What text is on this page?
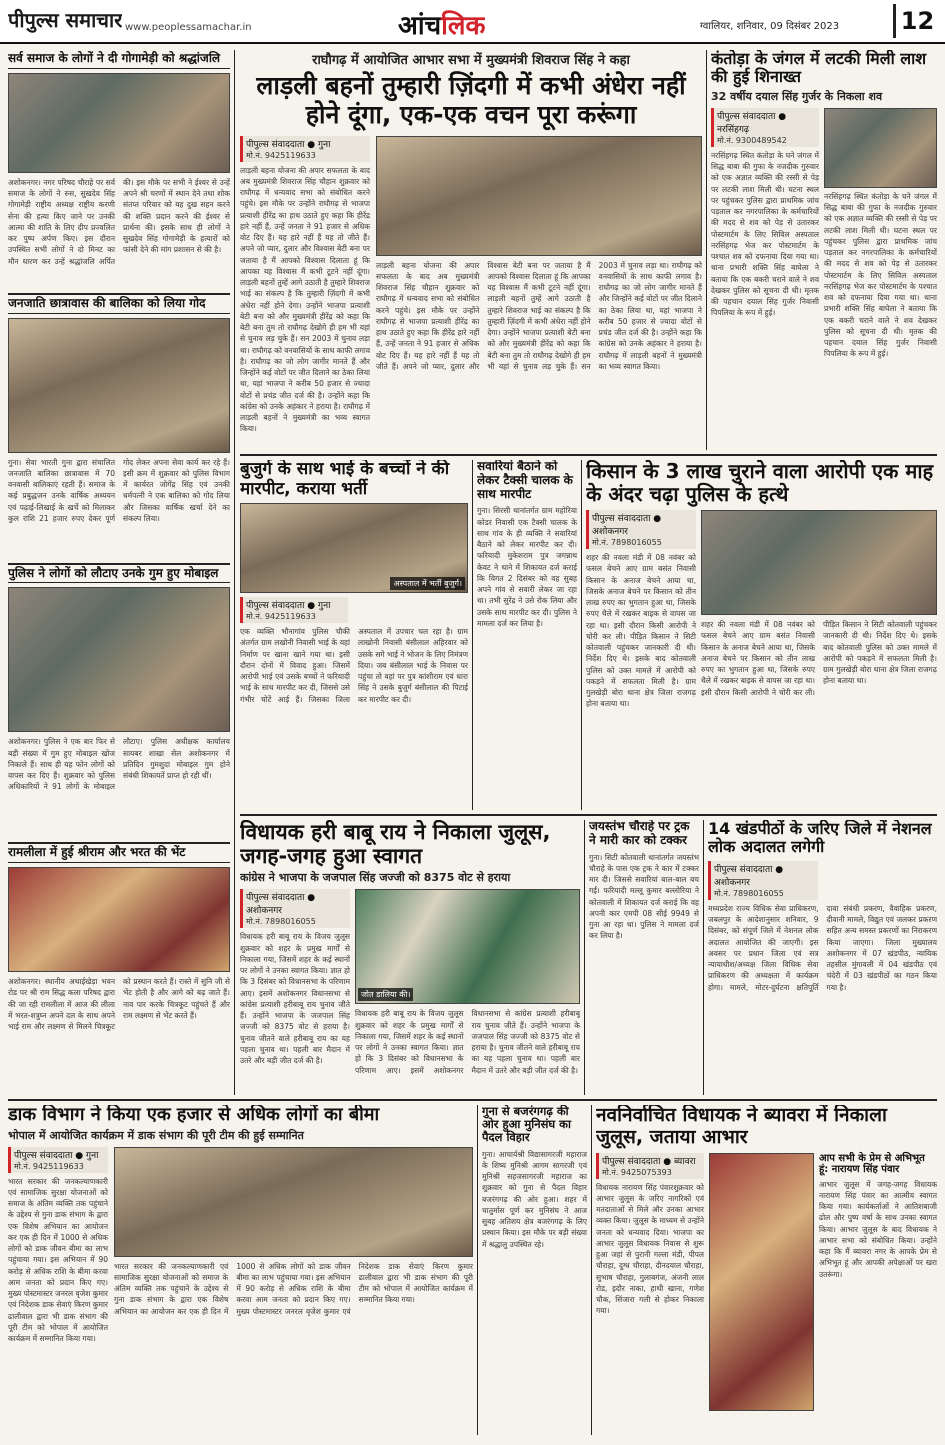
पीपुल्स समाचार www.peoplessamachar.in	आंचलिक	ग्वालियर, शनिवार, 09 दिसंबर 2023	12
सर्व समाज के लोगों ने दी गोगामेड़ी को श्रद्धांजलि
अशोकनगर। नगर परिषद चौराहे पर सर्व समाज के लोगों ने रुस, सुखदेव सिंह गोगामेड़ी राष्ट्रीय अध्यक्ष राष्ट्रीय करणी सेना की हत्या किए जाने पर उनकी आत्मा की शांति के लिए दीप प्रज्वलित कर पुष्प अर्पण किए। इस दौरान उपस्थित सभी लोगों ने दो मिनट का मौन धारण कर उन्हें श्रद्धांजलि अर्पित की। इस मौके पर सभी ने ईश्वर से उन्हें अपने श्री चरणों में स्थान देने तथा शोक संतप्त परिवार को यह दुख सहन करने की शक्ति प्रदान करने की ईश्वर से प्रार्थना की। इसके साथ ही लोगों ने सुखदेव सिंह गोगामेड़ी के हत्यारों को फांसी देने की मांग प्रशासन से की है।
जनजाति छात्रावास की बालिका को लिया गोद
गुना। सेवा भारती गुना द्वारा संचालित जनजाति बालिका छात्रावास में 70 वनवासी बालिकाएं रहती हैं। समाज के कई प्रबुद्धजन उनके वार्षिक अध्ययन एवं पढ़ाई-लिखाई के खर्चे को मिलाकर कुल राशि 21 हजार रुपए देकर पूर्ण गोद लेकर अपना सेवा कार्य कर रहे हैं। इसी क्रम में शुक्रवार को पुलिस विभाग में कार्यरत जोगेंद्र सिंह एवं उनकी धर्मपत्नी ने एक बालिका को गोद लिया और जिसका वार्षिक खर्चा देने का संकल्प लिया।
पुलिस ने लोगों को लौटाए उनके गुम हुए मोबाइल
अशोकनगर। पुलिस ने एक बार फिर से बड़ी संख्या में गुम हुए मोबाइल खोज निकाले हैं। साथ ही यह फोन लोगों को वापस कर दिए हैं। शुक्रवार को पुलिस अधिकारियों ने 91 लोगों के मोबाइल लौटाए। पुलिस अधीक्षक कार्यालय सायबर शाखा सेल अशोकनगर में प्रतिदिन गुमशुदा मोबाइल गुम होने संबंधी शिकायतें प्राप्त हो रही थीं।
रामलीला में हुई श्रीराम और भरत की भेंट
अशोकनगर। स्थानीय अथाईखेड़ा भवन रोड पर श्री राम सिद्ध कला परिषद द्वारा की जा रही रामलीला में आज की लीला में भरत-शत्रुघ्न अपने दल के साथ अपने भाई राम और लक्ष्मण से मिलने चित्रकूट को प्रस्थान करते हैं। रास्ते में सुनि जी से भेंट होती है और आगे को बढ़ जाते हैं। नाव पार करके चित्रकूट पहुंचते हैं और राम लक्ष्मण से भेंट करते हैं।
राघौगढ़ में आयोजित आभार सभा में मुख्यमंत्री शिवराज सिंह ने कहा
लाड़ली बहनों तुम्हारी ज़िंदगी में कभी अंधेरा नहीं होने दूंगा, एक-एक वचन पूरा करूंगा
पीपुल्स संवाददाता ● गुना
मो.नं. 9425119633
लाड़ली बहना योजना की अपार सफलता के बाद अब मुख्यमंत्री शिवराज सिंह चौहान शुक्रवार को राघौगढ़ में धन्यवाद सभा को संबोधित करने पहुंचे। इस मौके पर उन्होंने राघौगढ़ से भाजपा प्रत्याशी हीरेंद्र का हाथ उठाते हुए कहा कि हीरेंद्र हारे नहीं हैं, उन्हें जनता ने 91 हजार से अधिक वोट दिए हैं। यह हारे नहीं हैं यह तो जीते हैं। अपने जो प्यार, दुलार और विश्वास बेटी बना पर जताया है मैं आपको विश्वास दिलाता हूं कि आपका यह विश्वास मैं कभी टूटने नहीं दूंगा। लाड़ली बहनों तुम्हें आगे उठाती है तुम्हारे शिवराज भाई का संकल्प है कि तुम्हारी ज़िंदगी में कभी अंधेरा नहीं होने देगा। उन्होंने भाजपा प्रत्याशी बेटी बना को और मुख्यमंत्री हीरेंद्र को कहा कि बेटी बना तुम तो राघौगढ़ देखोगे ही हम भी यहां से चुनाव लड़ चुके हैं। सन 2003 में चुनाव लड़ा था। राघौगढ़ को वनवासियों के साथ काफी लगाव है। राघौगढ़ का जो लोग जागीर मानते हैं और जिन्होंने कई वोटों पर जीत दिलाने का ठेका लिया था, यहां भाजपा ने करीब 50 हजार से ज्यादा वोटों से प्रचंड जीत दर्ज की है। उन्होंने कहा कि कांग्रेस को उनके अहंकार ने हराया है। राघौगढ़ में लाड़ली बहनों ने मुख्यमंत्री का भव्य स्वागत किया।
लाड़ली बहना योजना की अपार सफलता के बाद अब मुख्यमंत्री शिवराज सिंह चौहान शुक्रवार को राघौगढ़ में धन्यवाद सभा को संबोधित करने पहुंचे। इस मौके पर उन्होंने राघौगढ़ से भाजपा प्रत्याशी हीरेंद्र का हाथ उठाते हुए कहा कि हीरेंद्र हारे नहीं हैं, उन्हें जनता ने 91 हजार से अधिक वोट दिए हैं। यह हारे नहीं हैं यह तो जीते हैं। अपने जो प्यार, दुलार और विश्वास बेटी बना पर जताया है मैं आपको विश्वास दिलाता हूं कि आपका यह विश्वास मैं कभी टूटने नहीं दूंगा। लाड़ली बहनों तुम्हें आगे उठाती है तुम्हारे शिवराज भाई का संकल्प है कि तुम्हारी ज़िंदगी में कभी अंधेरा नहीं होने देगा। उन्होंने भाजपा प्रत्याशी बेटी बना को और मुख्यमंत्री हीरेंद्र को कहा कि बेटी बना तुम तो राघौगढ़ देखोगे ही हम भी यहां से चुनाव लड़ चुके हैं। सन 2003 में चुनाव लड़ा था। राघौगढ़ को वनवासियों के साथ काफी लगाव है। राघौगढ़ का जो लोग जागीर मानते हैं और जिन्होंने कई वोटों पर जीत दिलाने का ठेका लिया था, यहां भाजपा ने करीब 50 हजार से ज्यादा वोटों से प्रचंड जीत दर्ज की है। उन्होंने कहा कि कांग्रेस को उनके अहंकार ने हराया है। राघौगढ़ में लाड़ली बहनों ने मुख्यमंत्री का भव्य स्वागत किया।
कंतोड़ा के जंगल में लटकी मिली लाश की हुई शिनाख्त
32 वर्षीय दयाल सिंह गुर्जर के निकला शव
पीपुल्स संवाददाता ● नरसिंहगढ़
मो.नं. 9300489542
नरसिंहगढ़ स्थित कंतोड़ा के घने जंगल में सिद्ध बाबा की गुफा के नजदीक गुरुवार को एक अज्ञात व्यक्ति की रस्सी से पेड़ पर लटकी लाश मिली थी। घटना स्थल पर पहुंचकर पुलिस द्वारा प्राथमिक जांच पड़ताल कर नगरपालिका के कर्मचारियों की मदद से शव को पेड़ से उतारकर पोस्टमार्टम के लिए सिविल अस्पताल नरसिंहगढ़ भेज कर पोस्टमार्टम के पश्चात शव को दफनाया दिया गया था। थाना प्रभारी शक्ति सिंह बाघेला ने बताया कि एक बकरी चराने वाले ने शव देखकर पुलिस को सूचना दी थी। मृतक की पहचान दयाल सिंह गुर्जर निवासी पिपलिया के रूप में हुई।
नरसिंहगढ़ स्थित कंतोड़ा के घने जंगल में सिद्ध बाबा की गुफा के नजदीक गुरुवार को एक अज्ञात व्यक्ति की रस्सी से पेड़ पर लटकी लाश मिली थी। घटना स्थल पर पहुंचकर पुलिस द्वारा प्राथमिक जांच पड़ताल कर नगरपालिका के कर्मचारियों की मदद से शव को पेड़ से उतारकर पोस्टमार्टम के लिए सिविल अस्पताल नरसिंहगढ़ भेज कर पोस्टमार्टम के पश्चात शव को दफनाया दिया गया था। थाना प्रभारी शक्ति सिंह बाघेला ने बताया कि एक बकरी चराने वाले ने शव देखकर पुलिस को सूचना दी थी। मृतक की पहचान दयाल सिंह गुर्जर निवासी पिपलिया के रूप में हुई।
बुजुर्ग के साथ भाई के बच्चों ने की मारपीट, कराया भर्ती
अस्पताल में भर्ती बुजुर्ग।
पीपुल्स संवाददाता ● गुना
मो.नं. 9425119633
एक व्यक्ति भौनागांव पुलिस चौकी अंतर्गत ग्राम लखोनी निवासी भाई के यहां निर्माण पर खाना खाने गया था। इसी दौरान दोनों में विवाद हुआ। जिसमें आरोपी भाई एवं उसके बच्चों ने फरियादी भाई के साथ मारपीट कर दी, जिससे उसे गंभीर चोटें आई हैं। जिसका जिला अस्पताल में उपचार चल रहा है। ग्राम लाखोनी निवासी बंसीलाल अहिरवार को उसके सगे भाई ने भोजन के लिए निमंत्रण दिया। जब बंसीलाल भाई के निवास पर पहुंचा तो वहां पर पुत्र कांशीराम एवं धारा सिंह ने उसके बुजुर्ग बंसीलाल की पिटाई कर मारपीट कर दी।
सवारियां बैठाने को लेकर टैक्सी चालक के साथ मारपीट
गुना। सिरसी थानांतर्गत ग्राम महोरिया कोडर निवासी एक टैक्सी चालक के साथ गांव के ही व्यक्ति ने सवारियां बैठाने को लेकर मारपीट कर दी। फरियादी मुकेशराम पुत्र जगन्नाथ केवट ने थाने में शिकायत दर्ज कराई कि विगत 2 दिसंबर को वह सुबह अपने गांव से सवारी लेकर जा रहा था। तभी सुरेंद्र ने उसे रोक लिया और उसके साथ मारपीट कर दी। पुलिस ने मामला दर्ज कर लिया है।
किसान के 3 लाख चुराने वाला आरोपी एक माह के अंदर चढ़ा पुलिस के हत्थे
पीपुल्स संवाददाता ● अशोकनगर
मो.नं. 7898016055
शहर की नवला मंडी में 08 नवंबर को फसल बेचने आए ग्राम बसंत निवासी किसान के अनाज बेचने आया था, जिसके अनाज बेचने पर किसान को तीन लाख रुपए का भुगतान हुआ था, जिसके रुपए थैले में रखकर बाइक से वापस जा रहा था। इसी दौरान किसी आरोपी ने चोरी कर ली। पीड़ित किसान ने सिटी कोतवाली पहुंचकर जानकारी दी थी। निर्देश दिए थे। इसके बाद कोतवाली पुलिस को उक्त मामले में आरोपी को पकड़ने में सफलता मिली है। ग्राम गुलखेड़ी बोरा थाना क्षेत्र जिला राजगढ़ होना बताया था।
शहर की नवला मंडी में 08 नवंबर को फसल बेचने आए ग्राम बसंत निवासी किसान के अनाज बेचने आया था, जिसके अनाज बेचने पर किसान को तीन लाख रुपए का भुगतान हुआ था, जिसके रुपए थैले में रखकर बाइक से वापस जा रहा था। इसी दौरान किसी आरोपी ने चोरी कर ली। पीड़ित किसान ने सिटी कोतवाली पहुंचकर जानकारी दी थी। निर्देश दिए थे। इसके बाद कोतवाली पुलिस को उक्त मामले में आरोपी को पकड़ने में सफलता मिली है। ग्राम गुलखेड़ी बोरा थाना क्षेत्र जिला राजगढ़ होना बताया था।
विधायक हरी बाबू राय ने निकाला जुलूस, जगह-जगह हुआ स्वागत
कांग्रेस ने भाजपा के जजपाल सिंह जज्जी को 8375 वोट से हराया
पीपुल्स संवाददाता ● अशोकनगर
मो.नं. 7898016055
विधायक हरी बाबू राय के विजय जुलूस शुक्रवार को शहर के प्रमुख मार्गों से निकाला गया, जिसमें शहर के कई स्थानों पर लोगों ने उनका स्वागत किया। ज्ञात हो कि 3 दिसंबर को विधानसभा के परिणाम आए। इसमें अशोकनगर विधानसभा से कांग्रेस प्रत्याशी हरीबाबू राय चुनाव जीते हैं। उन्होंने भाजपा के जजपाल सिंह जज्जी को 8375 वोट से हराया है। चुनाव जीतने वाले हरीबाबू राय का यह पहला चुनाव था। पहली बार मैदान में उतरे और बड़ी जीत दर्ज की है।
जोत डालिया की।
विधायक हरी बाबू राय के विजय जुलूस शुक्रवार को शहर के प्रमुख मार्गों से निकाला गया, जिसमें शहर के कई स्थानों पर लोगों ने उनका स्वागत किया। ज्ञात हो कि 3 दिसंबर को विधानसभा के परिणाम आए। इसमें अशोकनगर विधानसभा से कांग्रेस प्रत्याशी हरीबाबू राय चुनाव जीते हैं। उन्होंने भाजपा के जजपाल सिंह जज्जी को 8375 वोट से हराया है। चुनाव जीतने वाले हरीबाबू राय का यह पहला चुनाव था। पहली बार मैदान में उतरे और बड़ी जीत दर्ज की है।
जयस्तंभ चौराहे पर ट्रक ने मारी कार को टक्कर
गुना। सिटी कोतवाली थानांतर्गत जयस्तंभ चौराहे के पास एक ट्रक ने कार में टक्कर मार दी। जिससे सवारियां बाल-बाल बच गईं। फरियादी मल्लू कुमार बल्लोरिया ने कोतवाली में शिकायत दर्ज कराई कि वह अपनी कार एमपी 08 सीई 9949 से गुना आ रहा था। पुलिस ने मामला दर्ज कर लिया है।
14 खंडपीठों के जरिए जिले में नेशनल लोक अदालत लगेगी
पीपुल्स संवाददाता ● अशोकनगर
मो.नं. 7898016055
मध्यप्रदेश राज्य विधिक सेवा प्राधिकरण, जबलपुर के आदेशानुसार शनिवार, 9 दिसंबर, को संपूर्ण जिले में नेशनल लोक अदालत आयोजित की जाएगी। इस अवसर पर प्रधान जिला एवं सत्र न्यायाधीश/अध्यक्ष जिला विधिक सेवा प्राधिकरण की अध्यक्षता में कार्यक्रम होगा। मामले, मोटर-दुर्घटना क्षतिपूर्ति दावा संबंधी प्रकरण, वैवाहिक प्रकरण, दीवानी मामले, विद्युत एवं जलकर प्रकरण सहित अन्य समस्त प्रकरणों का निराकरण किया जाएगा। जिला मुख्यालय अशोकनगर में 07 खंडपीठ, न्यायिक तहसील मुंगावली में 04 खंडपीठ एवं चंदेरी में 03 खंडपीठों का गठन किया गया है।
डाक विभाग ने किया एक हजार से अधिक लोगों का बीमा
भोपाल में आयोजित कार्यक्रम में डाक संभाग की पूरी टीम की हुई सम्मानित
पीपुल्स संवाददाता ● गुना
मो.नं. 9425119633
भारत सरकार की जनकल्याणकारी एवं सामाजिक सुरक्षा योजनाओं को समाज के अंतिम व्यक्ति तक पहुंचाने के उद्देश्य से गुना डाक संभाग के द्वारा एक विशेष अभियान का आयोजन कर एक ही दिन में 1000 से अधिक लोगों को डाक जीवन बीमा का लाभ पहुंचाया गया। इस अभियान में 90 करोड़ से अधिक राशि के बीमा करवा आम जनता को प्रदान किए गए। मुख्य पोस्टमास्टर जनरल वृजेश कुमार एवं निदेशक डाक सेवाएं किरण कुमार ढालीवाल द्वारा भी डाक संभाग की पूरी टीम को भोपाल में आयोजित कार्यक्रम में सम्मानित किया गया।
भारत सरकार की जनकल्याणकारी एवं सामाजिक सुरक्षा योजनाओं को समाज के अंतिम व्यक्ति तक पहुंचाने के उद्देश्य से गुना डाक संभाग के द्वारा एक विशेष अभियान का आयोजन कर एक ही दिन में 1000 से अधिक लोगों को डाक जीवन बीमा का लाभ पहुंचाया गया। इस अभियान में 90 करोड़ से अधिक राशि के बीमा करवा आम जनता को प्रदान किए गए। मुख्य पोस्टमास्टर जनरल वृजेश कुमार एवं निदेशक डाक सेवाएं किरण कुमार ढालीवाल द्वारा भी डाक संभाग की पूरी टीम को भोपाल में आयोजित कार्यक्रम में सम्मानित किया गया।
गुना से बजरंगगढ़ की ओर हुआ मुनिसंघ का पैदल विहार
गुना। आचार्यश्री विद्यासागरजी महाराज के शिष्य मुनिश्री आगम सागरजी एवं मुनिश्री सहजसागरजी महाराज का शुक्रवार को गुना से पैदल विहार बजरंगगढ़ की ओर हुआ। शहर में चातुर्मास पूर्ण कर मुनिसंघ ने आज सुबह अतिशय क्षेत्र बजरंगगढ़ के लिए प्रस्थान किया। इस मौके पर बड़ी संख्या में श्रद्धालु उपस्थित रहे।
नवनिर्वाचित विधायक ने ब्यावरा में निकाला जुलूस, जताया आभार
पीपुल्स संवाददाता ● ब्यावरा
मो.नं. 9425075393
विधायक नारायण सिंह पंवारशुक्रवार को आभार जुलूस के जरिए नागरिकों एवं मतदाताओं से मिले और उनका आभार व्यक्त किया। जुलूस के माध्यम से उन्होंने जनता को धन्यवाद दिया। भाजपा का आभार जुलूस विधायक निवास से शुरू हुआ जहां से पुरानी गल्ला मंडी, पीपल चौराहा, दुग्ध चौराहा, दीनदयाल चौराहा, सुभाष चौराहा, गुलाबगंज, अंजनी लाल रोड, इदौर नाका, हाथी खाना, गणेश चौक, सिंजारा गली से होकर निकाला गया।
आप सभी के प्रेम से अभिभूत हूं: नारायण सिंह पंवार
आभार जुलूस में जगह-जगह विधायक नारायण सिंह पंवार का आत्मीय स्वागत किया गया। कार्यकर्ताओं ने आतिशबाजी ढोल और पुष्प वर्षा के साथ उनका स्वागत किया। आभार जुलूस के बाद विधायक ने आभार सभा को संबोधित किया। उन्होंने कहा कि मैं ब्यावरा नगर के आपके प्रेम से अभिभूत हूं और आपकी अपेक्षाओं पर खरा उतरूंगा।
